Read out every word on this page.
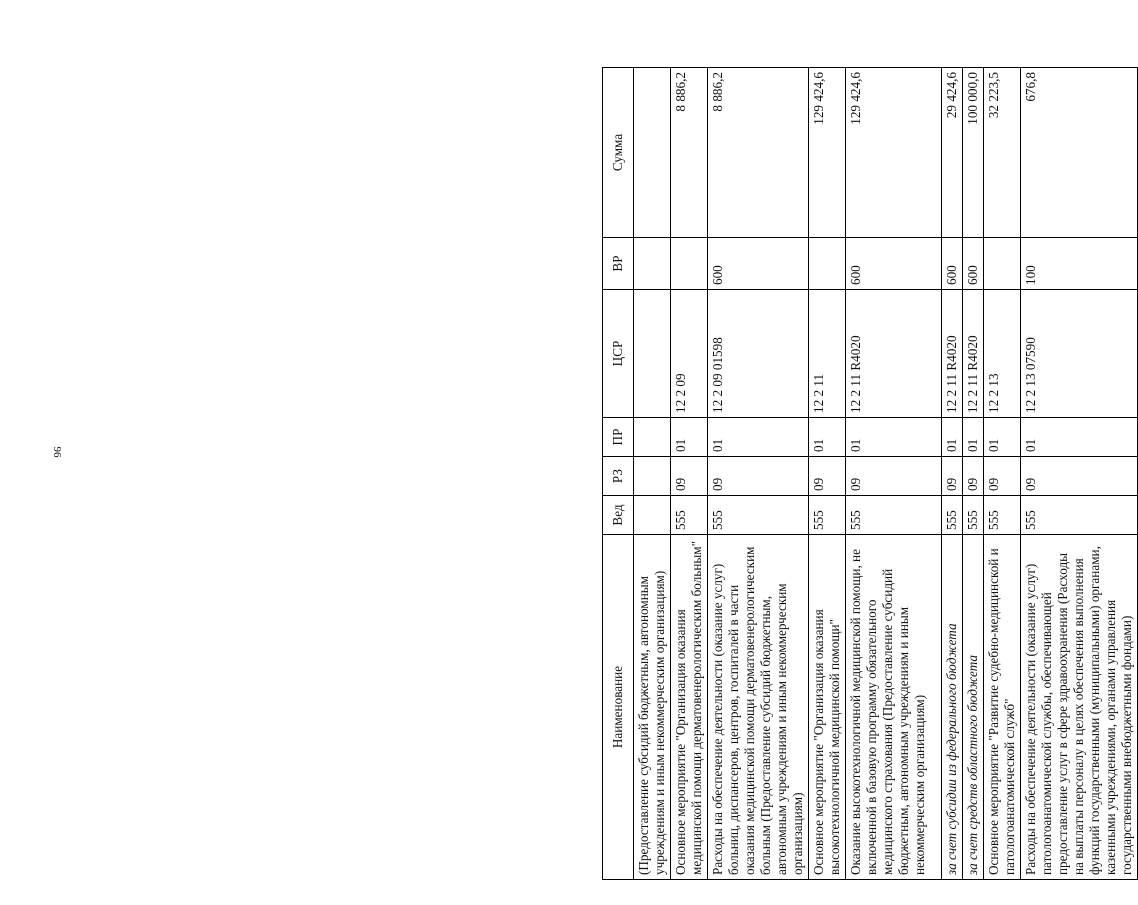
96
Наименование	Вед	РЗ	ПР	ЦСР	ВР	Сумма
(Предоставление субсидий бюджетным, автономным учреждениям и иным некоммерческим организациям)						
Основное мероприятие "Организация оказания медицинской помощи дерматовенерологическим больным"	555	09	01	12 2 09		8 886,2
Расходы на обеспечение деятельности (оказание услуг) больниц, диспансеров, центров, госпиталей в части оказания медицинской помощи дерматовенерологическим больным (Предоставление субсидий бюджетным, автономным учреждениям и иным некоммерческим организациям)	555	09	01	12 2 09 01598	600	8 886,2
Основное мероприятие "Организация оказания высокотехнологичной медицинской помощи"	555	09	01	12 2 11		129 424,6
Оказание высокотехнологичной медицинской помощи, не включенной в базовую программу обязательного медицинского страхования (Предоставление субсидий бюджетным, автономным учреждениям и иным некоммерческим организациям)	555	09	01	12 2 11 R4020	600	129 424,6
за счет субсидии из федерального бюджета	555	09	01	12 2 11 R4020	600	29 424,6
за счет средств областного бюджета	555	09	01	12 2 11 R4020	600	100 000,0
Основное мероприятие "Развитие судебно-медицинской и патологоанатомической служб"	555	09	01	12 2 13		32 223,5
Расходы на обеспечение деятельности (оказание услуг) патологоанатомической службы, обеспечивающей предоставление услуг в сфере здравоохранения (Расходы на выплаты персоналу в целях обеспечения выполнения функций государственными (муниципальными) органами, казенными учреждениями, органами управления государственными внебюджетными фондами)	555	09	01	12 2 13 07590	100	676,8
